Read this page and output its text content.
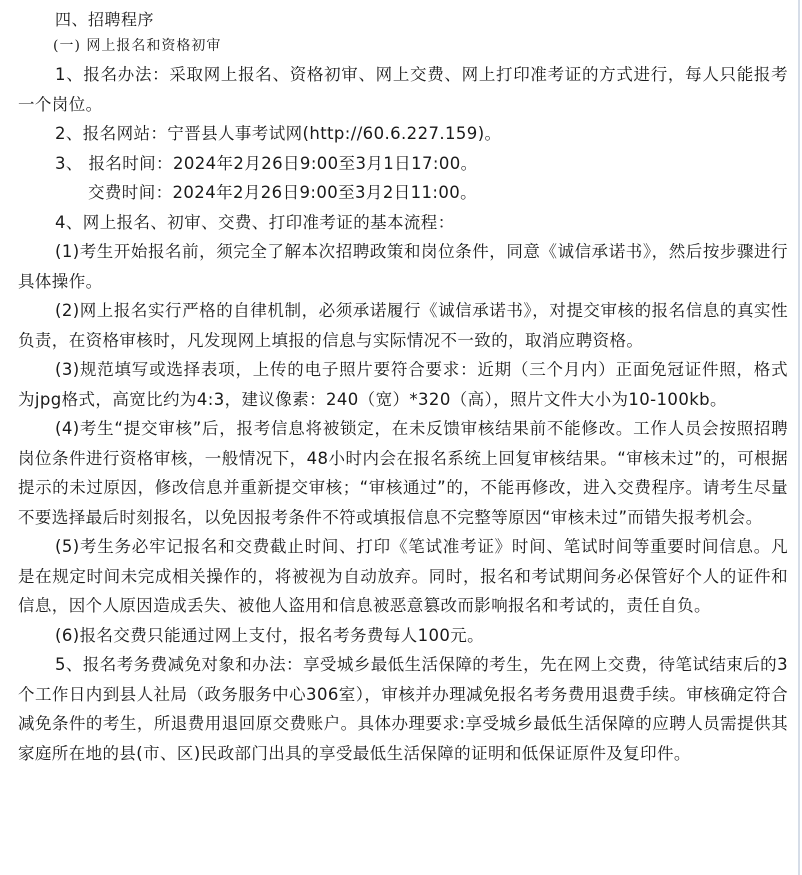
四、招聘程序

(一) 网上报名和资格初审

1、报名办法：采取网上报名、资格初审、网上交费、网上打印准考证的方式进行，每人只能报考一个岗位。

2、报名网站：宁晋县人事考试网(http://60.6.227.159)。

3、 报名时间：2024年2月26日9:00至3月1日17:00。

交费时间：2024年2月26日9:00至3月2日11:00。

4、网上报名、初审、交费、打印准考证的基本流程：

(1)考生开始报名前，须完全了解本次招聘政策和岗位条件，同意《诚信承诺书》，然后按步骤进行具体操作。

(2)网上报名实行严格的自律机制，必须承诺履行《诚信承诺书》，对提交审核的报名信息的真实性负责，在资格审核时，凡发现网上填报的信息与实际情况不一致的，取消应聘资格。

(3)规范填写或选择表项，上传的电子照片要符合要求：近期（三个月内）正面免冠证件照，格式为jpg格式，高宽比约为4:3，建议像素：240（宽）*320（高），照片文件大小为10-100kb。

(4)考生“提交审核”后，报考信息将被锁定，在未反馈审核结果前不能修改。工作人员会按照招聘岗位条件进行资格审核，一般情况下，48小时内会在报名系统上回复审核结果。“审核未过”的，可根据提示的未过原因，修改信息并重新提交审核；“审核通过”的，不能再修改，进入交费程序。请考生尽量不要选择最后时刻报名，以免因报考条件不符或填报信息不完整等原因“审核未过”而错失报考机会。

(5)考生务必牢记报名和交费截止时间、打印《笔试准考证》时间、笔试时间等重要时间信息。凡是在规定时间未完成相关操作的，将被视为自动放弃。同时，报名和考试期间务必保管好个人的证件和信息，因个人原因造成丢失、被他人盗用和信息被恶意篡改而影响报名和考试的，责任自负。

(6)报名交费只能通过网上支付，报名考务费每人100元。

5、报名考务费减免对象和办法：享受城乡最低生活保障的考生，先在网上交费，待笔试结束后的3个工作日内到县人社局（政务服务中心306室），审核并办理减免报名考务费用退费手续。审核确定符合减免条件的考生，所退费用退回原交费账户。具体办理要求:享受城乡最低生活保障的应聘人员需提供其家庭所在地的县(市、区)民政部门出具的享受最低生活保障的证明和低保证原件及复印件。
